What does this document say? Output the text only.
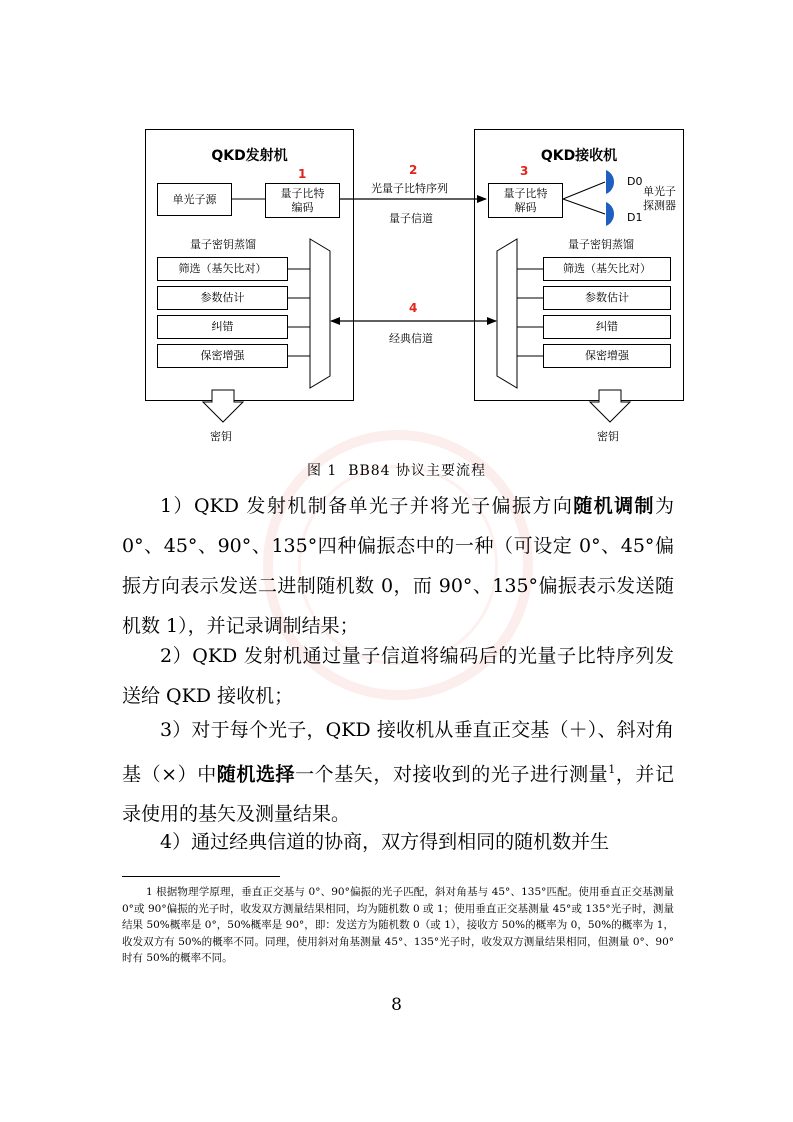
QKD发射机
单光子源	量子比特
编码
1
量子密钥蒸馏
筛选（基矢比对）
参数估计
纠错
保密增强
QKD接收机
量子比特
解码
3
D0
D1
单光子
探测器
量子密钥蒸馏
筛选（基矢比对）
参数估计
纠错
保密增强
2
光量子比特序列
量子信道
4
经典信道
密钥	密钥
图 1  BB84 协议主要流程
1）QKD 发射机制备单光子并将光子偏振方向随机调制为 0°、45°、90°、135°四种偏振态中的一种（可设定 0°、45°偏振方向表示发送二进制随机数 0，而 90°、135°偏振表示发送随机数 1），并记录调制结果；
2）QKD 发射机通过量子信道将编码后的光量子比特序列发送给 QKD 接收机；
3）对于每个光子，QKD 接收机从垂直正交基（＋）、斜对角基（×）中随机选择一个基矢，对接收到的光子进行测量$^1$，并记录使用的基矢及测量结果。
4）通过经典信道的协商，双方得到相同的随机数并生
1 根据物理学原理，垂直正交基与 0°、90°偏振的光子匹配，斜对角基与 45°、135°匹配。使用垂直正交基测量 0°或 90°偏振的光子时，收发双方测量结果相同，均为随机数 0 或 1；使用垂直正交基测量 45°或 135°光子时，测量结果 50%概率是 0°，50%概率是 90°，即：发送方为随机数 0（或 1），接收方 50%的概率为 0，50%的概率为 1，收发双方有 50%的概率不同。同理，使用斜对角基测量 45°、135°光子时，收发双方测量结果相同，但测量 0°、90°时有 50%的概率不同。
8
